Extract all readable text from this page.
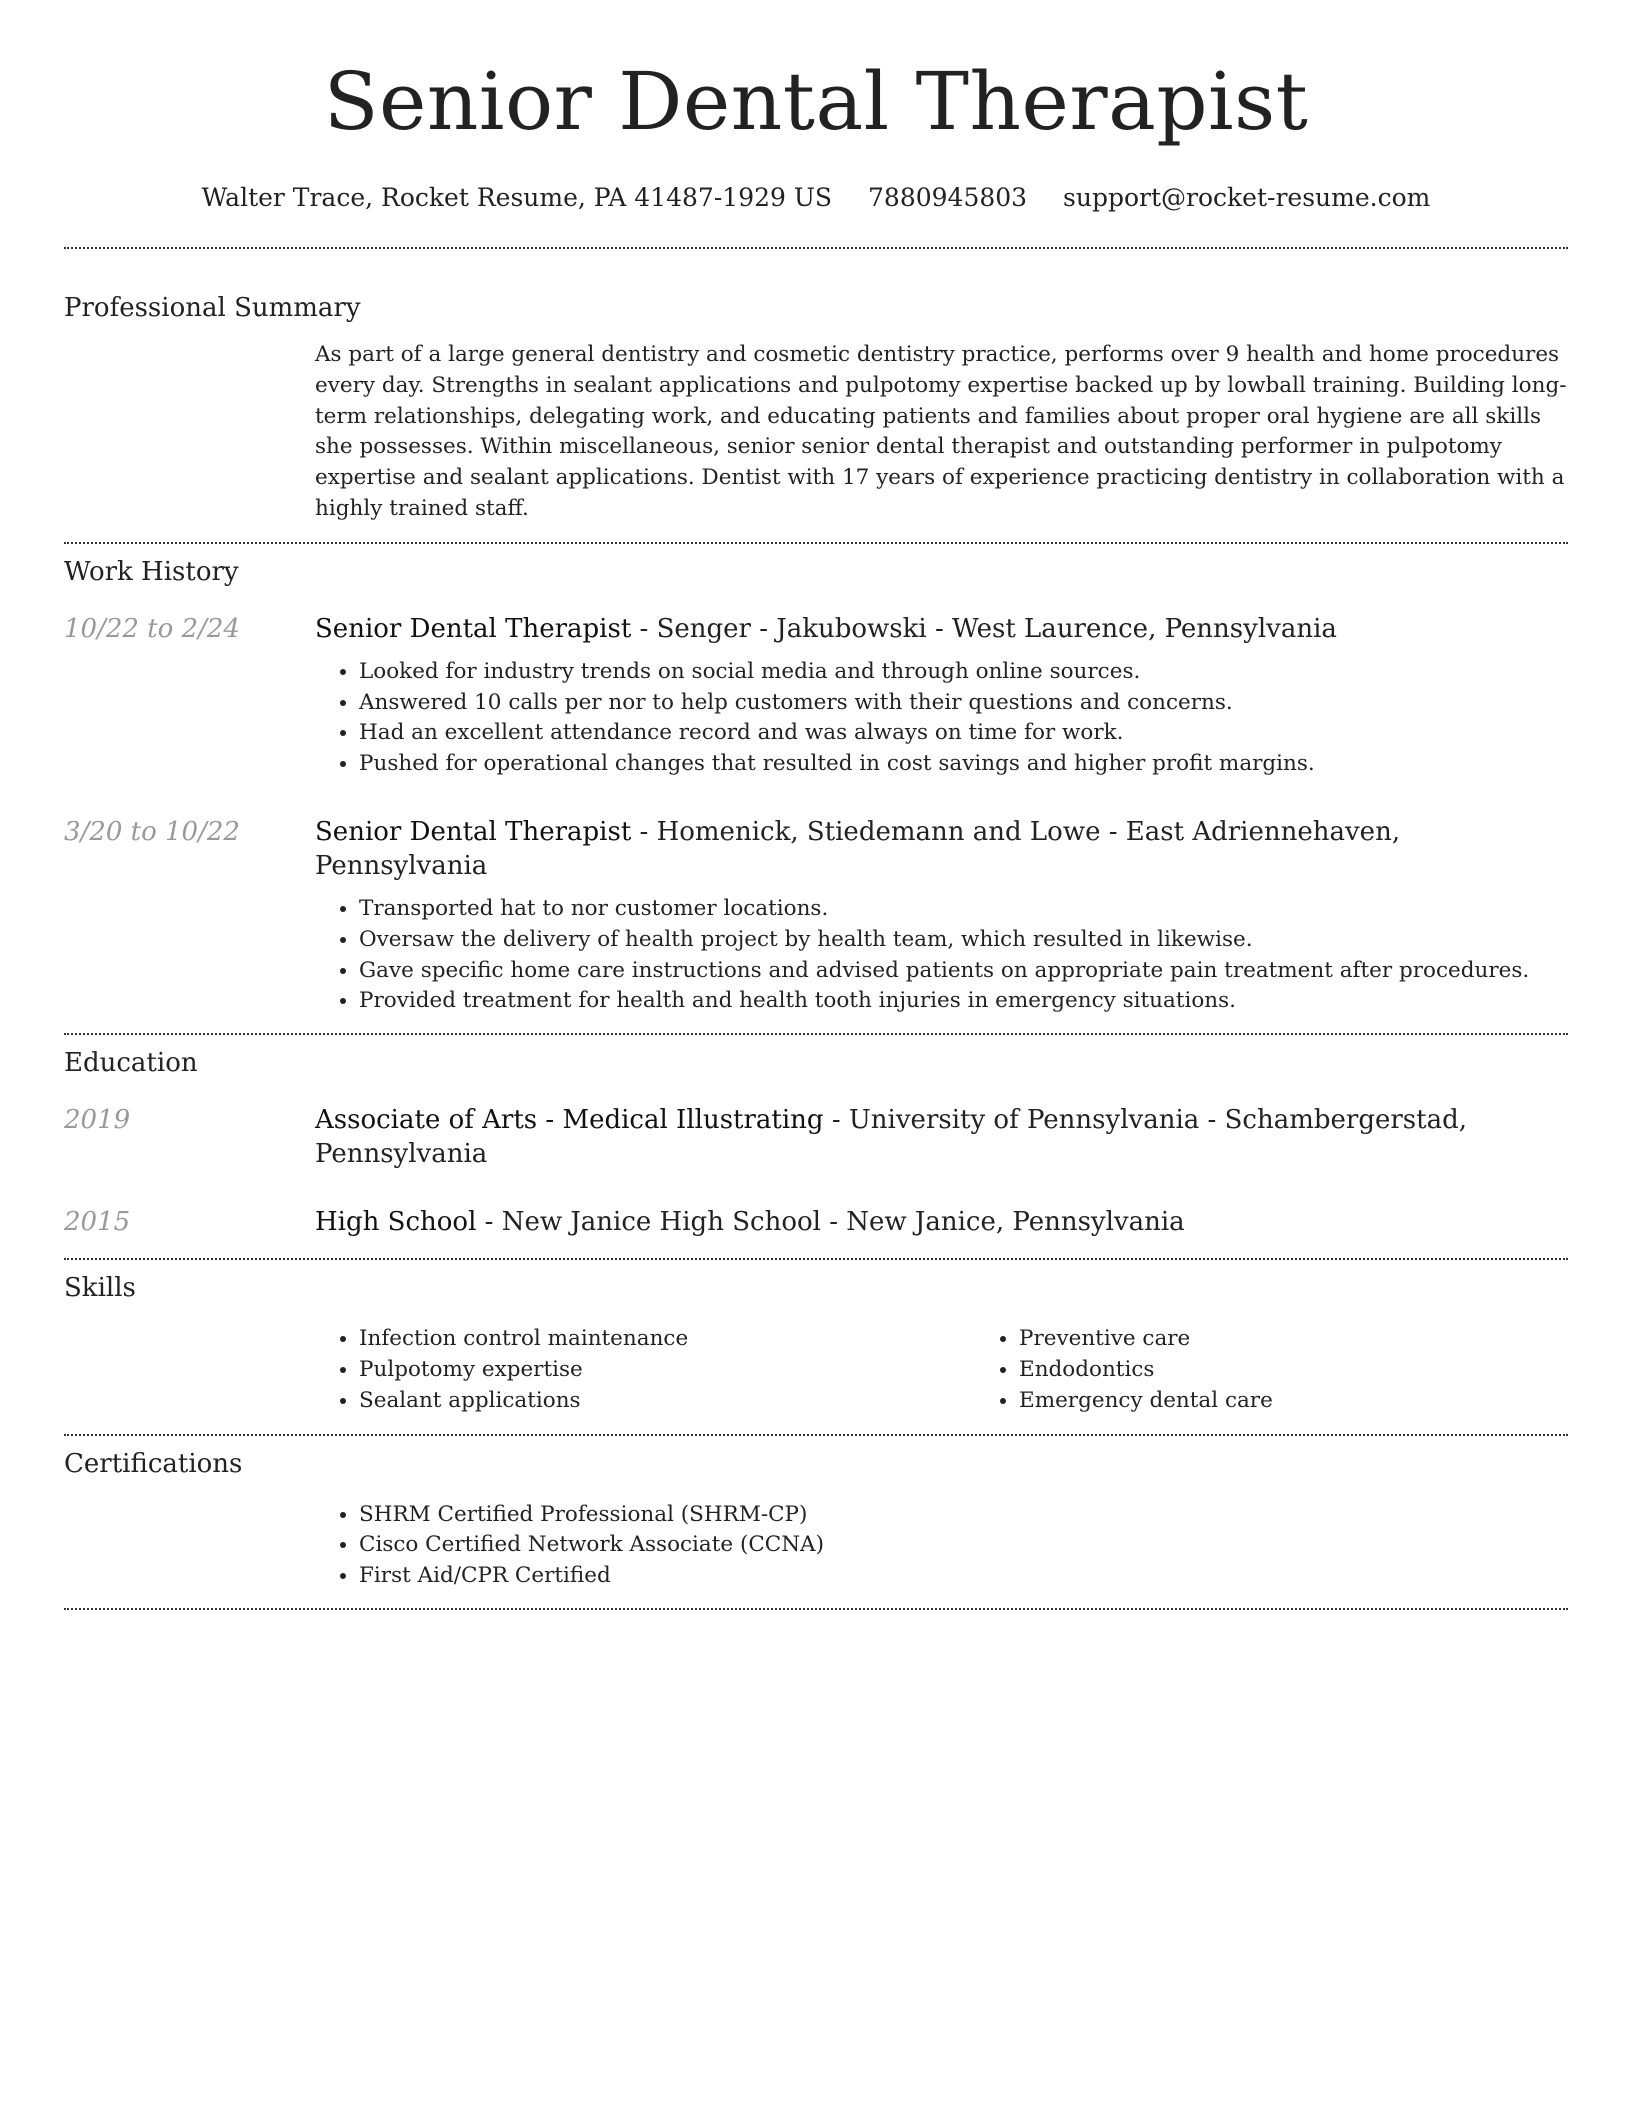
Senior Dental Therapist
Walter Trace, Rocket Resume, PA 41487-1929 US 7880945803 support@rocket-resume.com
Professional Summary

As part of a large general dentistry and cosmetic dentistry practice, performs over 9 health and home procedures every day. Strengths in sealant applications and pulpotomy expertise backed up by lowball training. Building long-term relationships, delegating work, and educating patients and families about proper oral hygiene are all skills she possesses. Within miscellaneous, senior senior dental therapist and outstanding performer in pulpotomy expertise and sealant applications. Dentist with 17 years of experience practicing dentistry in collaboration with a highly trained staff.

Work History
10/22 to 2/24	Senior Dental Therapist - Senger - Jakubowski - West Laurence, Pennsylvania
• Looked for industry trends on social media and through online sources.
• Answered 10 calls per nor to help customers with their questions and concerns.
• Had an excellent attendance record and was always on time for work.
• Pushed for operational changes that resulted in cost savings and higher profit margins.
3/20 to 10/22	Senior Dental Therapist - Homenick, Stiedemann and Lowe - East Adriennehaven, Pennsylvania
• Transported hat to nor customer locations.
• Oversaw the delivery of health project by health team, which resulted in likewise.
• Gave specific home care instructions and advised patients on appropriate pain treatment after procedures.
• Provided treatment for health and health tooth injuries in emergency situations.
Education
2019	Associate of Arts - Medical Illustrating - University of Pennsylvania - Schambergerstad, Pennsylvania
2015	High School - New Janice High School - New Janice, Pennsylvania
Skills
• Infection control maintenance
• Pulpotomy expertise
• Sealant applications
• Preventive care
• Endodontics
• Emergency dental care
Certifications
• SHRM Certified Professional (SHRM-CP)
• Cisco Certified Network Associate (CCNA)
• First Aid/CPR Certified
